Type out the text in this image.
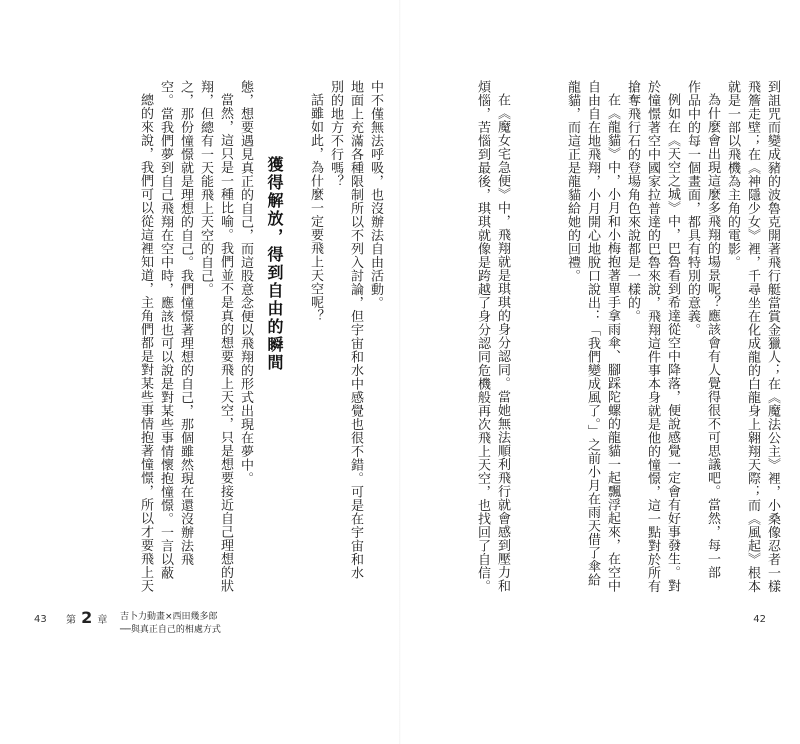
總的來說，我們可以從這裡知道，主角們都是對某些事情抱著憧憬，所以才要飛上天 空。當我們夢到自己飛翔在空中時，應該也可以說是對某些事情懷抱憧憬。一言以蔽 之，那份憧憬就是理想的自己。我們憧憬著理想的自己，那個雖然現在還沒辦法飛 翔，但總有一天能飛上天空的自己。 當然，這只是一種比喻。我們並不是真的想要飛上天空，只是想要接近自己理想的狀 態，想要遇見真正的自己，而這股意念便以飛翔的形式出現在夢中。 獲得解放，得到自由的瞬間 話雖如此，為什麼一定要飛上天空呢？ 別的地方不行嗎？ 地面上充滿各種限制所以不列入討論，但宇宙和水中感覺也很不錯。可是在宇宙和水 中不僅無法呼吸，也沒辦法自由活動。
43 第 2 章 吉卜力動畫×西田幾多郎
──與真正自己的相處方式
到詛咒而變成豬的波魯克開著飛行艇當賞金獵人；在《魔法公主》裡，小桑像忍者一樣
飛簷走壁；在《神隱少女》裡，千尋坐在化成龍的白龍身上翱翔天際；而《風起》根本
就是一部以飛機為主角的電影。
為什麼會出現這麼多飛翔的場景呢？應該會有人覺得很不可思議吧。當然，每一部
作品中的每一個畫面，都具有特別的意義。
例如在《天空之城》中，巴魯看到希達從空中降落，便說感覺一定會有好事發生。對
於憧憬著空中國家拉普達的巴魯來說，飛翔這件事本身就是他的憧憬，這一點對於所有
搶奪飛行石的登場角色來說都是一樣的。
在《龍貓》中，小月和小梅抱著單手拿雨傘、腳踩陀螺的龍貓一起飄浮起來，在空中
自由自在地飛翔，小月開心地脫口說出：「我們變成風了。」之前小月在雨天借了傘給
龍貓，而這正是龍貓給她的回禮。
在《魔女宅急便》中，飛翔就是琪琪的身分認同。當她無法順利飛行就會感到壓力和
煩惱，苦惱到最後，琪琪就像是跨越了身分認同危機般再次飛上天空，也找回了自信。
42
